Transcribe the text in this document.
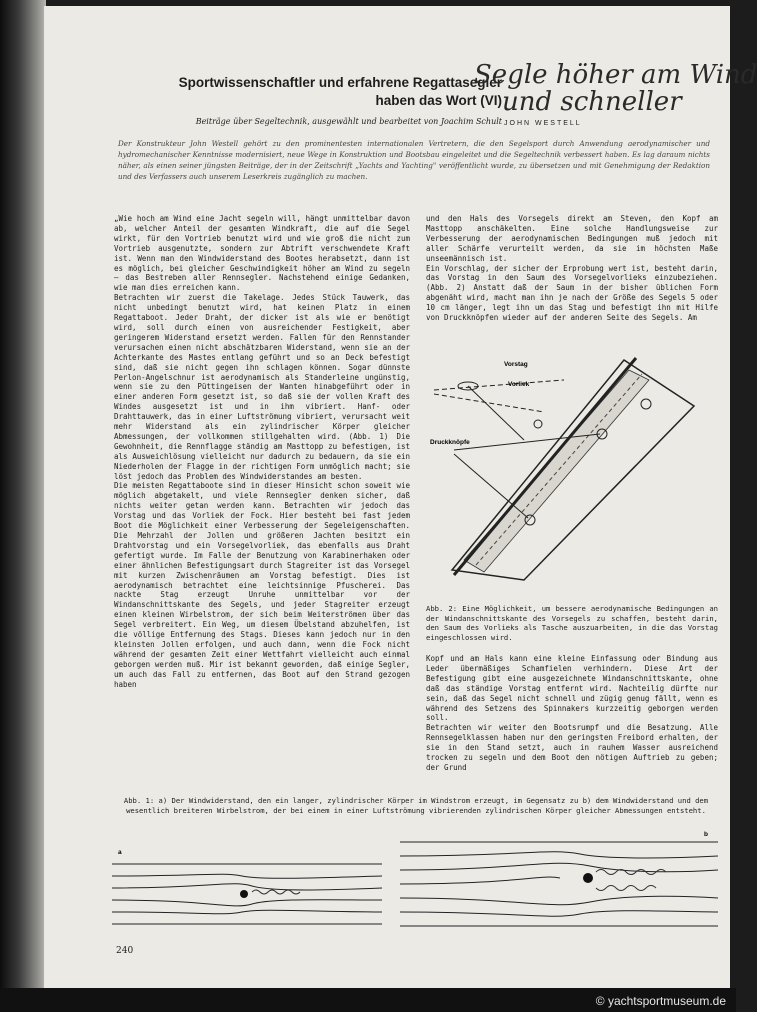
Sportwissenschaftler und erfahrene Regattasegler
haben das Wort (VI)
Beiträge über Segeltechnik, ausgewählt und bearbeitet von Joachim Schult
Segle höher am Wind
und schneller
JOHN WESTELL
Der Konstrukteur John Westell gehört zu den prominentesten internationalen Vertretern, die den Segelsport durch Anwendung aerodynamischer und hydromechanischer Kenntnisse modernisiert, neue Wege in Konstruktion und Bootsbau eingeleitet und die Segeltechnik verbessert haben. Es lag daraum nichts näher, als einen seiner jüngsten Beiträge, der in der Zeitschrift „Yachts and Yachting" veröffentlicht wurde, zu übersetzen und mit Genehmigung der Redaktion und des Verfassers auch unserem Leserkreis zugänglich zu machen.

„Wie hoch am Wind eine Jacht segeln will, hängt unmittelbar davon ab, welcher Anteil der gesamten Windkraft, die auf die Segel wirkt, für den Vortrieb benutzt wird und wie groß die nicht zum Vortrieb ausgenutzte, sondern zur Abtrift verschwendete Kraft ist. Wenn man den Windwiderstand des Bootes herabsetzt, dann ist es möglich, bei gleicher Geschwindigkeit höher am Wind zu segeln — das Bestreben aller Rennsegler. Nachstehend einige Gedanken, wie man dies erreichen kann.

Betrachten wir zuerst die Takelage. Jedes Stück Tauwerk, das nicht unbedingt benutzt wird, hat keinen Platz in einem Regattaboot. Jeder Draht, der dicker ist als wie er benötigt wird, soll durch einen von ausreichender Festigkeit, aber geringerem Widerstand ersetzt werden. Fallen für den Rennstander verursachen einen nicht abschätzbaren Widerstand, wenn sie an der Achterkante des Mastes entlang geführt und so an Deck befestigt sind, daß sie nicht gegen ihn schlagen können. Sogar dünnste Perlon-Angelschnur ist aerodynamisch als Standerleine ungünstig, wenn sie zu den Püttingeisen der Wanten hinabgeführt oder in einer anderen Form gesetzt ist, so daß sie der vollen Kraft des Windes ausgesetzt ist und in ihm vibriert. Hanf- oder Drahttauwerk, das in einer Luftströmung vibriert, verursacht weit mehr Widerstand als ein zylindrischer Körper gleicher Abmessungen, der vollkommen stillgehalten wird. (Abb. 1) Die Gewohnheit, die Rennflagge ständig am Masttopp zu befestigen, ist als Ausweichlösung vielleicht nur dadurch zu bedauern, da sie ein Niederholen der Flagge in der richtigen Form unmöglich macht; sie löst jedoch das Problem des Windwiderstandes am besten.

Die meisten Regattaboote sind in dieser Hinsicht schon soweit wie möglich abgetakelt, und viele Rennsegler denken sicher, daß nichts weiter getan werden kann. Betrachten wir jedoch das Vorstag und das Vorliek der Fock. Hier besteht bei fast jedem Boot die Möglichkeit einer Verbesserung der Segeleigenschaften. Die Mehrzahl der Jollen und größeren Jachten besitzt ein Drahtvorstag und ein Vorsegelvorliek, das ebenfalls aus Draht gefertigt wurde. Im Falle der Benutzung von Karabinerhaken oder einer ähnlichen Befestigungsart durch Stagreiter ist das Vorsegel mit kurzen Zwischenräumen am Vorstag befestigt. Dies ist aerodynamisch betrachtet eine leichtsinnige Pfuscherei. Das nackte Stag erzeugt Unruhe unmittelbar vor der Windanschnittskante des Segels, und jeder Stagreiter erzeugt einen kleinen Wirbelstrom, der sich beim Weiterströmen über das Segel verbreitert. Ein Weg, um diesem Übelstand abzuhelfen, ist die völlige Entfernung des Stags. Dieses kann jedoch nur in den kleinsten Jollen erfolgen, und auch dann, wenn die Fock nicht während der gesamten Zeit einer Wettfahrt vielleicht auch einmal geborgen werden muß. Mir ist bekannt geworden, daß einige Segler, um auch das Fall zu entfernen, das Boot auf den Strand gezogen haben

und den Hals des Vorsegels direkt am Steven, den Kopf am Masttopp anschäkelten. Eine solche Handlungsweise zur Verbesserung der aerodynamischen Bedingungen muß jedoch mit aller Schärfe verurteilt werden, da sie im höchsten Maße unseemännisch ist.

Ein Vorschlag, der sicher der Erprobung wert ist, besteht darin, das Vorstag in den Saum des Vorsegelvorlieks einzubeziehen. (Abb. 2) Anstatt daß der Saum in der bisher üblichen Form abgenäht wird, macht man ihn je nach der Größe des Segels 5 oder 10 cm länger, legt ihn um das Stag und befestigt ihn mit Hilfe von Druckknöpfen wieder auf der anderen Seite des Segels. Am

Vorstag
Vorliek
Druckknöpfe
Abb. 2: Eine Möglichkeit, um bessere aerodynamische Bedingungen an der Windanschnittskante des Vorsegels zu schaffen, besteht darin, den Saum des Vorlieks als Tasche auszuarbeiten, in die das Vorstag eingeschlossen wird.

Kopf und am Hals kann eine kleine Einfassung oder Bindung aus Leder übermäßiges Schamfielen verhindern. Diese Art der Befestigung gibt eine ausgezeichnete Windanschnittskante, ohne daß das ständige Vorstag entfernt wird. Nachteilig dürfte nur sein, daß das Segel nicht schnell und zügig genug fällt, wenn es während des Setzens des Spinnakers kurzzeitig geborgen werden soll.

Betrachten wir weiter den Bootsrumpf und die Besatzung. Alle Rennsegelklassen haben nur den geringsten Freibord erhalten, der sie in den Stand setzt, auch in rauhem Wasser ausreichend trocken zu segeln und dem Boot den nötigen Auftrieb zu geben; der Grund

Abb. 1: a) Der Windwiderstand, den ein langer, zylindrischer Körper im Windstrom erzeugt, im Gegensatz zu b) dem Windwiderstand und dem wesentlich breiteren Wirbelstrom, der bei einem in einer Luftströmung vibrierenden zylindrischen Körper gleicher Abmessungen entsteht.
a
b
240
© yachtsportmuseum.de
